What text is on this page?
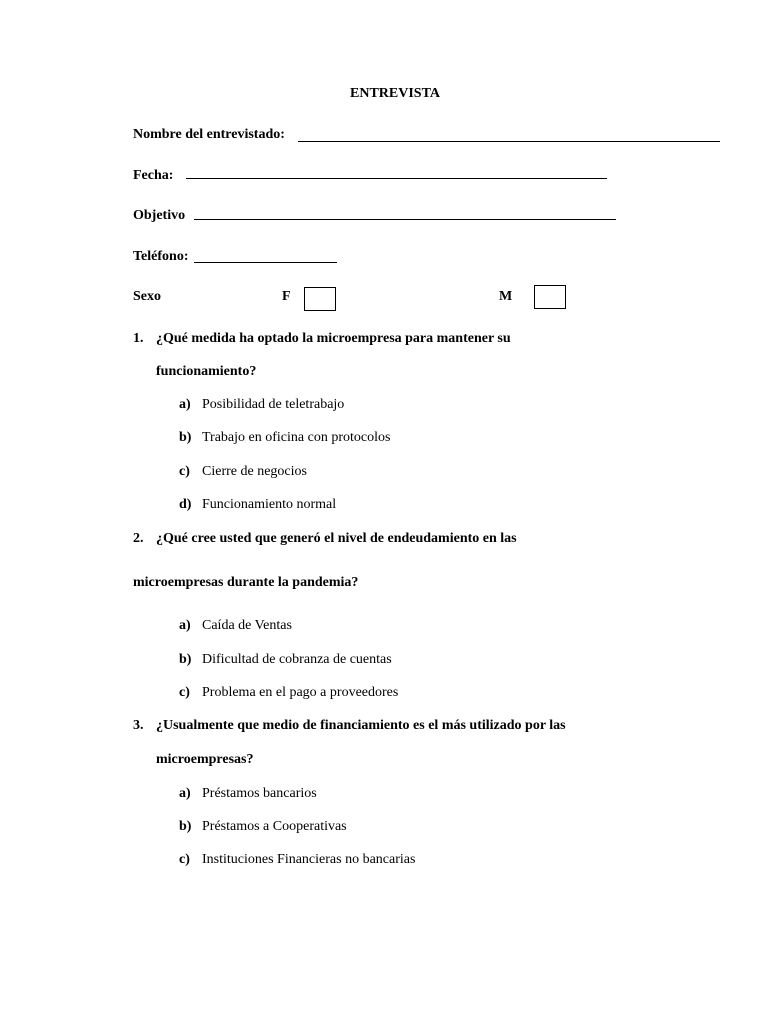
ENTREVISTA
Nombre del entrevistado:
Fecha:
Objetivo
Teléfono:
Sexo	F	M
1. ¿Qué medida ha optado la microempresa para mantener su
funcionamiento?
a) Posibilidad de teletrabajo
b) Trabajo en oficina con protocolos
c) Cierre de negocios
d) Funcionamiento normal
2. ¿Qué cree usted que generó el nivel de endeudamiento en las
microempresas durante la pandemia?
a) Caída de Ventas
b) Dificultad de cobranza de cuentas
c) Problema en el pago a proveedores
3. ¿Usualmente que medio de financiamiento es el más utilizado por las
microempresas?
a) Préstamos bancarios
b) Préstamos a Cooperativas
c) Instituciones Financieras no bancarias
